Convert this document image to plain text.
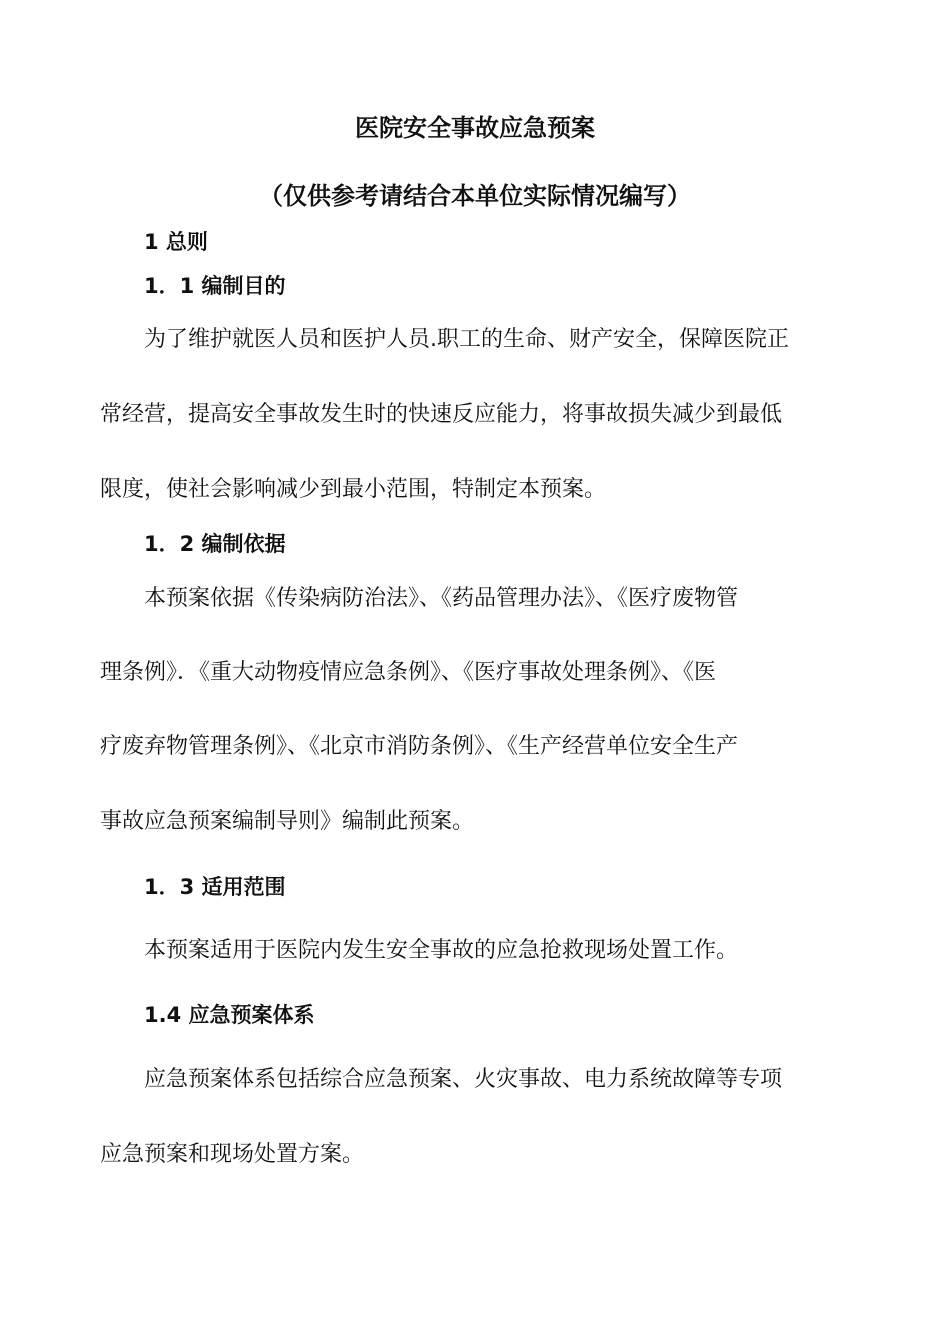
医院安全事故应急预案
（仅供参考请结合本单位实际情况编写）
1 总则
1．1 编制目的

为了维护就医人员和医护人员.职工的生命、财产安全，保障医院正

常经营，提高安全事故发生时的快速反应能力，将事故损失减少到最低

限度，使社会影响减少到最小范围，特制定本预案。

1．2 编制依据

本预案依据《传染病防治法》、《药品管理办法》、《医疗废物管

理条例》．《重大动物疫情应急条例》、《医疗事故处理条例》、《医

疗废弃物管理条例》、《北京市消防条例》、《生产经营单位安全生产

事故应急预案编制导则》编制此预案。

1．3 适用范围

本预案适用于医院内发生安全事故的应急抢救现场处置工作。

1.4 应急预案体系

应急预案体系包括综合应急预案、火灾事故、电力系统故障等专项

应急预案和现场处置方案。
